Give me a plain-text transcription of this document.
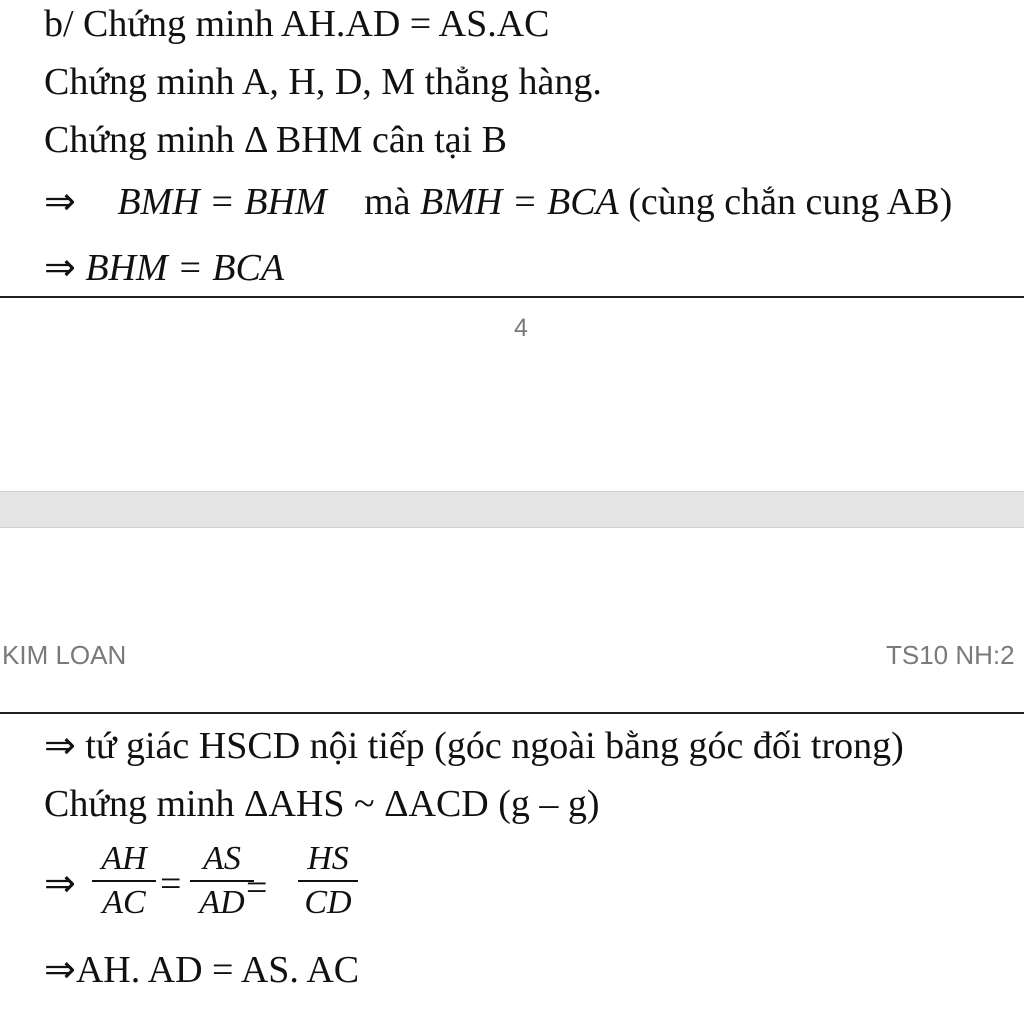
b/ Chứng minh AH.AD = AS.AC
Chứng minh A, H, D, M thẳng hàng.
Chứng minh Δ BHM cân tại B
⇒ BMH = BHM mà BMH = BCA (cùng chắn cung AB)
⇒ BHM = BCA
4
KIM LOAN	TS10 NH:2
⇒ tứ giác HSCD nội tiếp (góc ngoài bằng góc đối trong)
Chứng minh ΔAHS ~ ΔACD (g – g)
⇒
AH
AC =
AS
AD =
HS
CD
⇒AH. AD = AS. AC
